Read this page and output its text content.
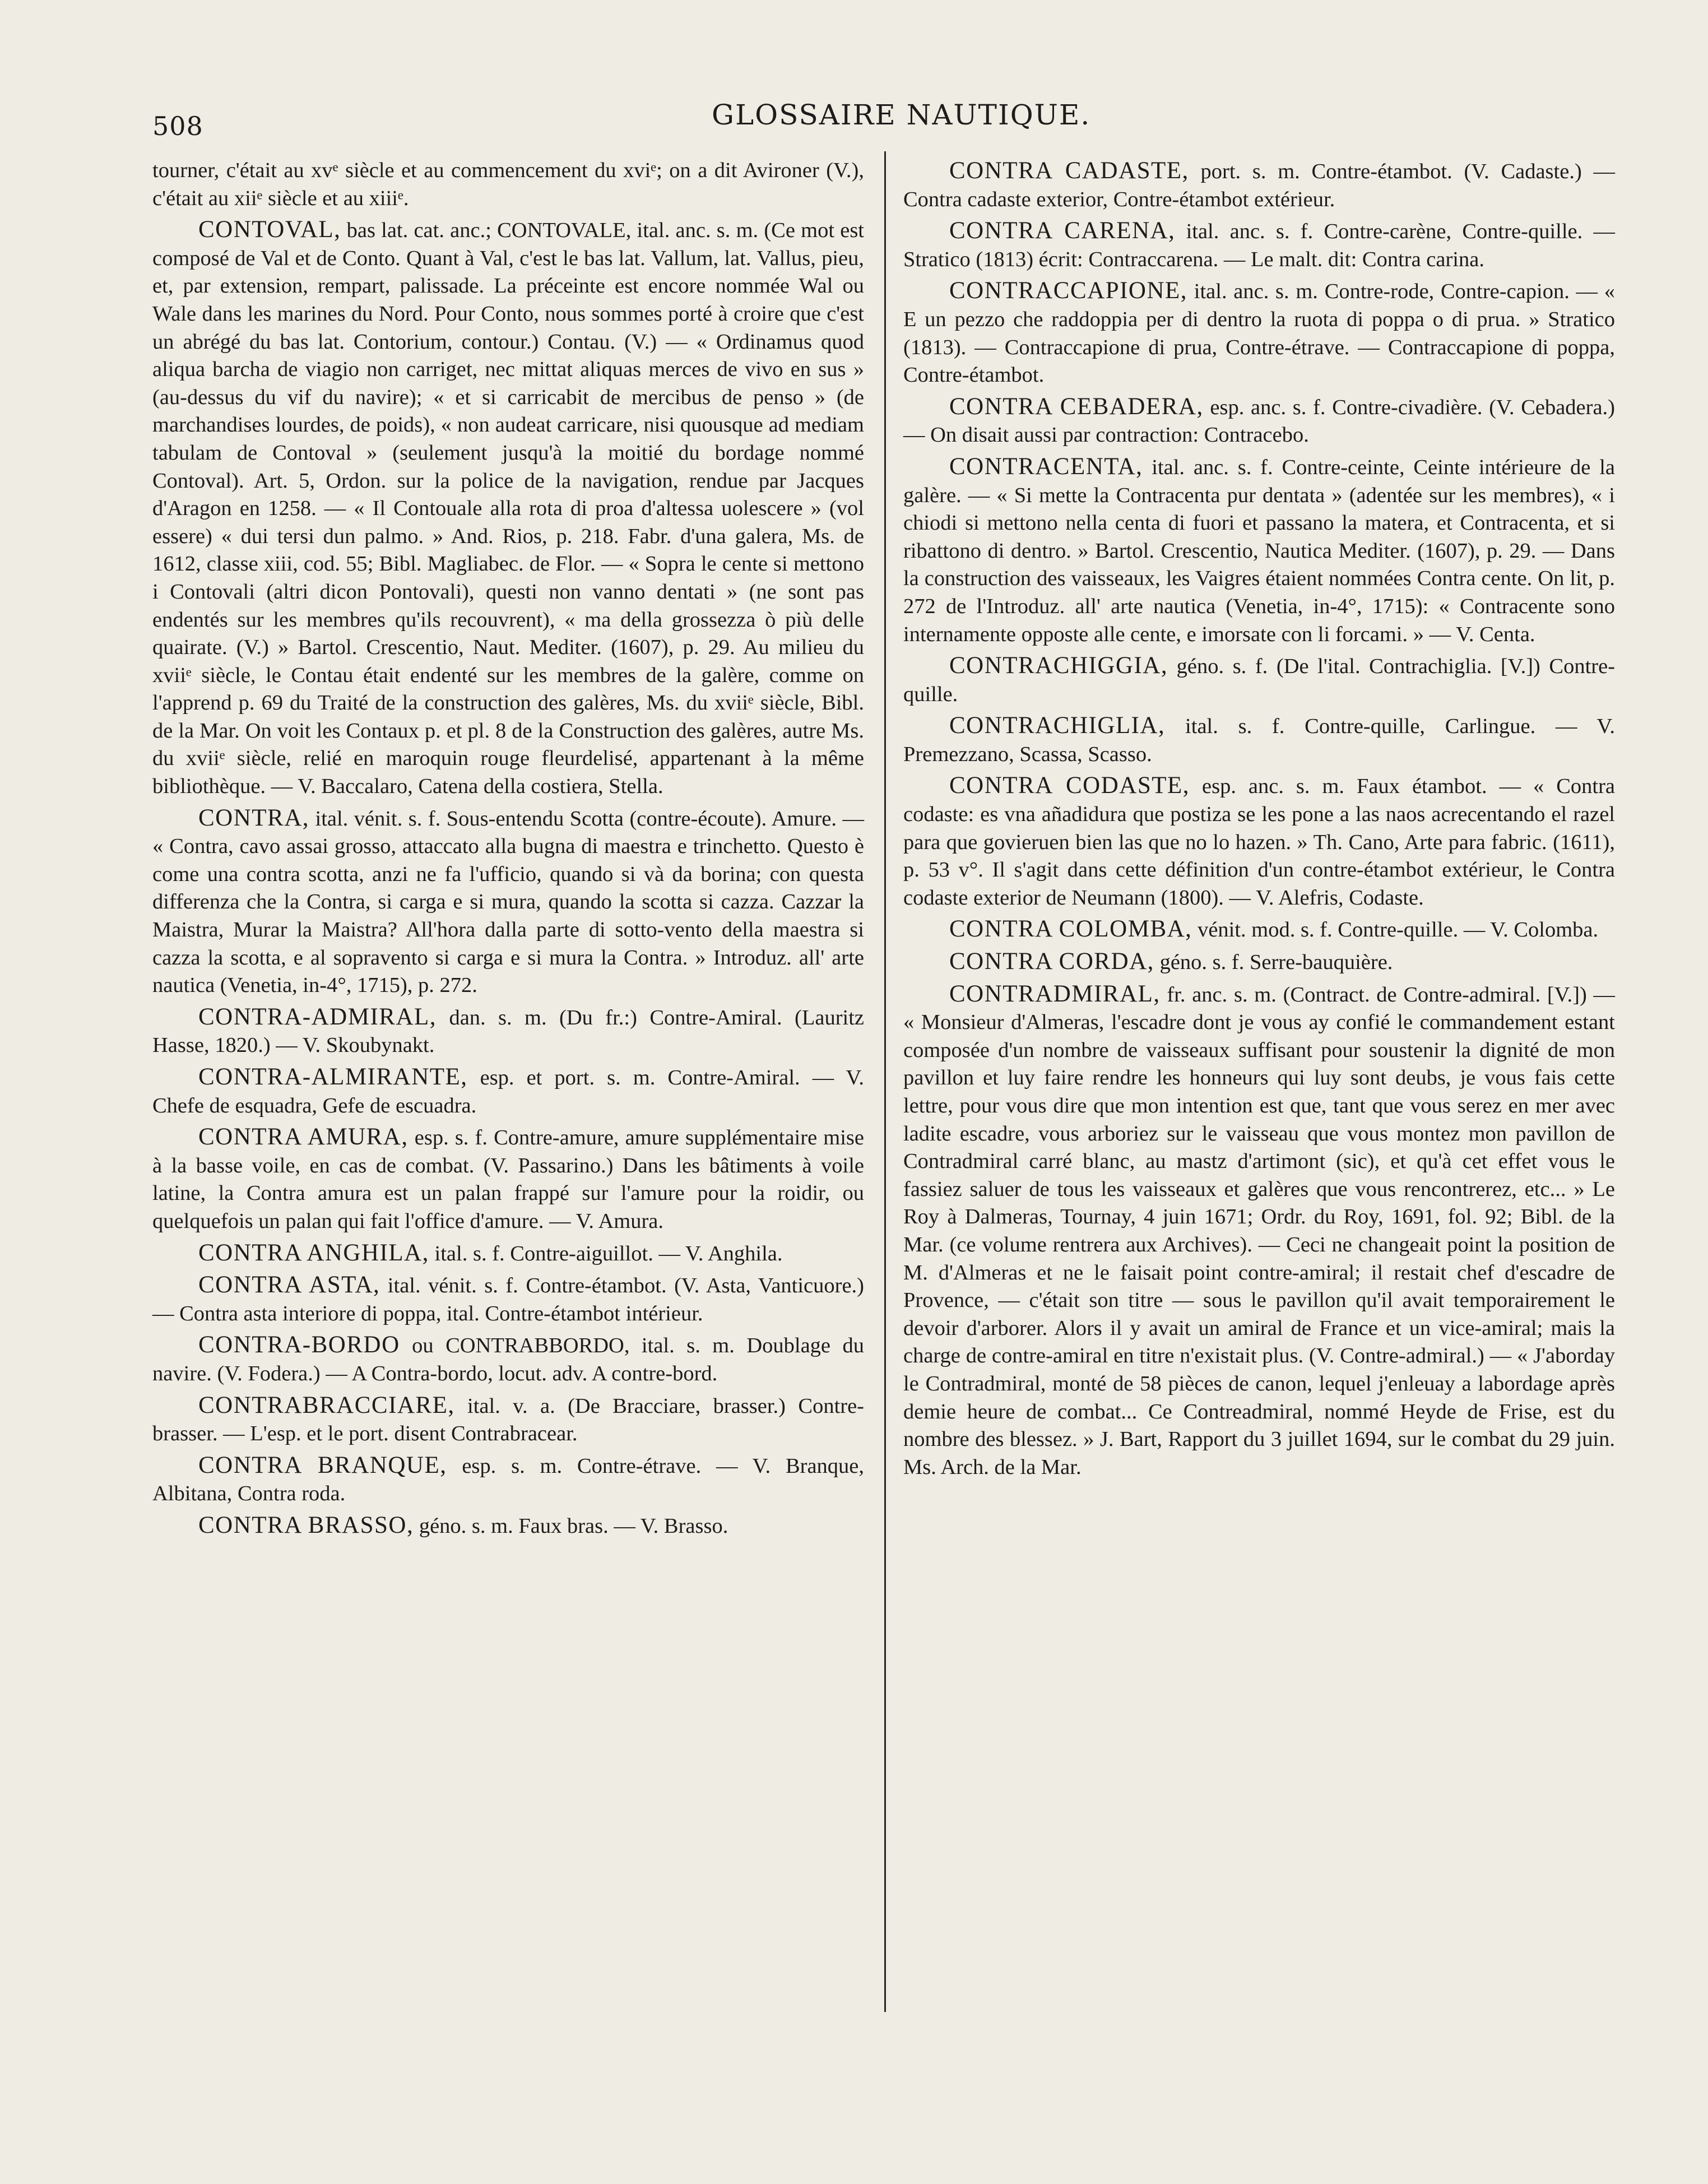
508	GLOSSAIRE NAUTIQUE.

tourner, c'était au xvᵉ siècle et au commencement du xviᵉ; on a dit Avironer (V.), c'était au xiiᵉ siècle et au xiiiᵉ.

CONTOVAL, bas lat. cat. anc.; CONTOVALE, ital. anc. s. m. (Ce mot est composé de Val et de Conto. Quant à Val, c'est le bas lat. Vallum, lat. Vallus, pieu, et, par extension, rempart, palissade. La préceinte est encore nommée Wal ou Wale dans les marines du Nord. Pour Conto, nous sommes porté à croire que c'est un abrégé du bas lat. Contorium, contour.) Contau. (V.) — « Ordinamus quod aliqua barcha de viagio non carriget, nec mittat aliquas merces de vivo en sus » (au-dessus du vif du navire); « et si carricabit de mercibus de penso » (de marchandises lourdes, de poids), « non audeat carricare, nisi quousque ad mediam tabulam de Contoval » (seulement jusqu'à la moitié du bordage nommé Contoval). Art. 5, Ordon. sur la police de la navigation, rendue par Jacques d'Aragon en 1258. — « Il Contouale alla rota di proa d'altessa uolescere » (vol essere) « dui tersi dun palmo. » And. Rios, p. 218. Fabr. d'una galera, Ms. de 1612, classe xiii, cod. 55; Bibl. Magliabec. de Flor. — « Sopra le cente si mettono i Contovali (altri dicon Pontovali), questi non vanno dentati » (ne sont pas endentés sur les membres qu'ils recouvrent), « ma della grossezza ò più delle quairate. (V.) » Bartol. Crescentio, Naut. Mediter. (1607), p. 29. Au milieu du xviiᵉ siècle, le Contau était endenté sur les membres de la galère, comme on l'apprend p. 69 du Traité de la construction des galères, Ms. du xviiᵉ siècle, Bibl. de la Mar. On voit les Contaux p. et pl. 8 de la Construction des galères, autre Ms. du xviiᵉ siècle, relié en maroquin rouge fleurdelisé, appartenant à la même bibliothèque. — V. Baccalaro, Catena della costiera, Stella.

CONTRA, ital. vénit. s. f. Sous-entendu Scotta (contre-écoute). Amure. — « Contra, cavo assai grosso, attaccato alla bugna di maestra e trinchetto. Questo è come una contra scotta, anzi ne fa l'ufficio, quando si và da borina; con questa differenza che la Contra, si carga e si mura, quando la scotta si cazza. Cazzar la Maistra, Murar la Maistra? All'hora dalla parte di sotto-vento della maestra si cazza la scotta, e al sopravento si carga e si mura la Contra. » Introduz. all' arte nautica (Venetia, in-4°, 1715), p. 272.

CONTRA-ADMIRAL, dan. s. m. (Du fr.:) Contre-Amiral. (Lauritz Hasse, 1820.) — V. Skoubynakt.

CONTRA-ALMIRANTE, esp. et port. s. m. Contre-Amiral. — V. Chefe de esquadra, Gefe de escuadra.

CONTRA AMURA, esp. s. f. Contre-amure, amure supplémentaire mise à la basse voile, en cas de combat. (V. Passarino.) Dans les bâtiments à voile latine, la Contra amura est un palan frappé sur l'amure pour la roidir, ou quelquefois un palan qui fait l'office d'amure. — V. Amura.

CONTRA ANGHILA, ital. s. f. Contre-aiguillot. — V. Anghila.

CONTRA ASTA, ital. vénit. s. f. Contre-étambot. (V. Asta, Vanticuore.) — Contra asta interiore di poppa, ital. Contre-étambot intérieur.

CONTRA-BORDO ou CONTRABBORDO, ital. s. m. Doublage du navire. (V. Fodera.) — A Contra-bordo, locut. adv. A contre-bord.

CONTRABRACCIARE, ital. v. a. (De Bracciare, brasser.) Contre-brasser. — L'esp. et le port. disent Contrabracear.

CONTRA BRANQUE, esp. s. m. Contre-étrave. — V. Branque, Albitana, Contra roda.

CONTRA BRASSO, géno. s. m. Faux bras. — V. Brasso.

CONTRA CADASTE, port. s. m. Contre-étambot. (V. Cadaste.) — Contra cadaste exterior, Contre-étambot extérieur.

CONTRA CARENA, ital. anc. s. f. Contre-carène, Contre-quille. — Stratico (1813) écrit: Contraccarena. — Le malt. dit: Contra carina.

CONTRACCAPIONE, ital. anc. s. m. Contre-rode, Contre-capion. — « E un pezzo che raddoppia per di dentro la ruota di poppa o di prua. » Stratico (1813). — Contraccapione di prua, Contre-étrave. — Contraccapione di poppa, Contre-étambot.

CONTRA CEBADERA, esp. anc. s. f. Contre-civadière. (V. Cebadera.) — On disait aussi par contraction: Contracebo.

CONTRACENTA, ital. anc. s. f. Contre-ceinte, Ceinte intérieure de la galère. — « Si mette la Contracenta pur dentata » (adentée sur les membres), « i chiodi si mettono nella centa di fuori et passano la matera, et Contracenta, et si ribattono di dentro. » Bartol. Crescentio, Nautica Mediter. (1607), p. 29. — Dans la construction des vaisseaux, les Vaigres étaient nommées Contra cente. On lit, p. 272 de l'Introduz. all' arte nautica (Venetia, in-4°, 1715): « Contracente sono internamente opposte alle cente, e imorsate con li forcami. » — V. Centa.

CONTRACHIGGIA, géno. s. f. (De l'ital. Contrachiglia. [V.]) Contre-quille.

CONTRACHIGLIA, ital. s. f. Contre-quille, Carlingue. — V. Premezzano, Scassa, Scasso.

CONTRA CODASTE, esp. anc. s. m. Faux étambot. — « Contra codaste: es vna añadidura que postiza se les pone a las naos acrecentando el razel para que govieruen bien las que no lo hazen. » Th. Cano, Arte para fabric. (1611), p. 53 v°. Il s'agit dans cette définition d'un contre-étambot extérieur, le Contra codaste exterior de Neumann (1800). — V. Alefris, Codaste.

CONTRA COLOMBA, vénit. mod. s. f. Contre-quille. — V. Colomba.

CONTRA CORDA, géno. s. f. Serre-bauquière.

CONTRADMIRAL, fr. anc. s. m. (Contract. de Contre-admiral. [V.]) — « Monsieur d'Almeras, l'escadre dont je vous ay confié le commandement estant composée d'un nombre de vaisseaux suffisant pour soustenir la dignité de mon pavillon et luy faire rendre les honneurs qui luy sont deubs, je vous fais cette lettre, pour vous dire que mon intention est que, tant que vous serez en mer avec ladite escadre, vous arboriez sur le vaisseau que vous montez mon pavillon de Contradmiral carré blanc, au mastz d'artimont (sic), et qu'à cet effet vous le fassiez saluer de tous les vaisseaux et galères que vous rencontrerez, etc... » Le Roy à Dalmeras, Tournay, 4 juin 1671; Ordr. du Roy, 1691, fol. 92; Bibl. de la Mar. (ce volume rentrera aux Archives). — Ceci ne changeait point la position de M. d'Almeras et ne le faisait point contre-amiral; il restait chef d'escadre de Provence, — c'était son titre — sous le pavillon qu'il avait temporairement le devoir d'arborer. Alors il y avait un amiral de France et un vice-amiral; mais la charge de contre-amiral en titre n'existait plus. (V. Contre-admiral.) — « J'aborday le Contradmiral, monté de 58 pièces de canon, lequel j'enleuay a labordage après demie heure de combat... Ce Contreadmiral, nommé Heyde de Frise, est du nombre des blessez. » J. Bart, Rapport du 3 juillet 1694, sur le combat du 29 juin. Ms. Arch. de la Mar.
